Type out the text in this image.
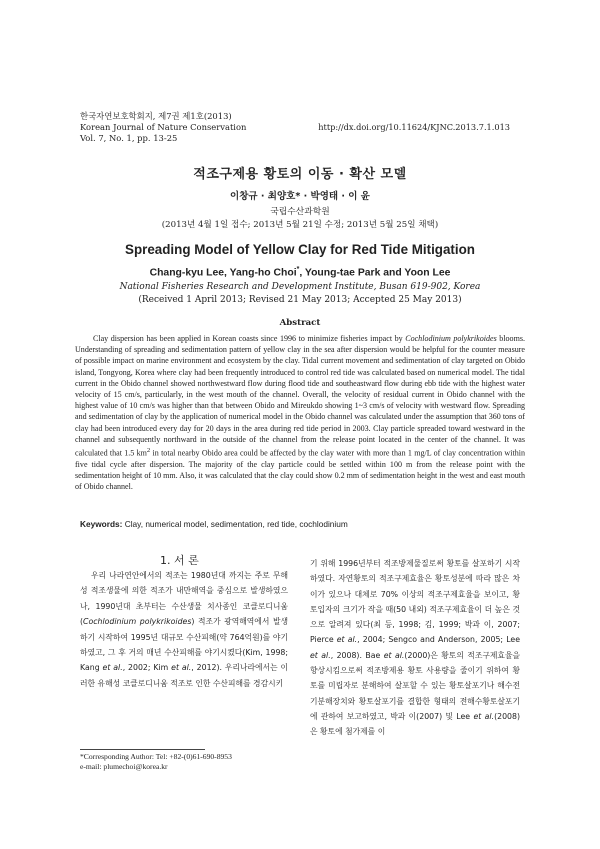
한국자연보호학회지, 제7권 제1호(2013)
Korean Journal of Nature Conservation
Vol. 7, No. 1, pp. 13-25
http://dx.doi.org/10.11624/KJNC.2013.7.1.013
적조구제용 황토의 이동 · 확산 모델
이창규 · 최양호* · 박영태 · 이 윤
국립수산과학원
(2013년 4월 1일 접수; 2013년 5월 21일 수정; 2013년 5월 25일 채택)
Spreading Model of Yellow Clay for Red Tide Mitigation
Chang-kyu Lee, Yang-ho Choi*, Young-tae Park and Yoon Lee
National Fisheries Research and Development Institute, Busan 619-902, Korea
(Received 1 April 2013; Revised 21 May 2013; Accepted 25 May 2013)
Abstract
Clay dispersion has been applied in Korean coasts since 1996 to minimize fisheries impact by Cochlodinium polykrikoides blooms. Understanding of spreading and sedimentation pattern of yellow clay in the sea after dispersion would be helpful for the counter measure of possible impact on marine environment and ecosystem by the clay. Tidal current movement and sedimentation of clay targeted on Obido island, Tongyong, Korea where clay had been frequently introduced to control red tide was calculated based on numerical model. The tidal current in the Obido channel showed northwestward flow during flood tide and southeastward flow during ebb tide with the highest water velocity of 15 cm/s, particularly, in the west mouth of the channel. Overall, the velocity of residual current in Obido channel with the highest value of 10 cm/s was higher than that between Obido and Mireukdo showing 1~3 cm/s of velocity with westward flow. Spreading and sedimentation of clay by the application of numerical model in the Obido channel was calculated under the assumption that 360 tons of clay had been introduced every day for 20 days in the area during red tide period in 2003. Clay particle spreaded toward westward in the channel and subsequently northward in the outside of the channel from the release point located in the center of the channel. It was calculated that 1.5 $km^2$ in total nearby Obido area could be affected by the clay water with more than 1 mg/L of clay concentration within five tidal cycle after dispersion. The majority of the clay particle could be settled within 100 m from the release point with the sedimentation height of 10 mm. Also, it was calculated that the clay could show 0.2 mm of sedimentation height in the west and east mouth of Obido channel.
Keywords: Clay, numerical model, sedimentation, red tide, cochlodinium
1. 서 론

우리 나라연안에서의 적조는 1980년대 까지는 주로 무해성 적조생물에 의한 적조가 내만해역을 중심으로 발생하였으나, 1990년대 초부터는 수산생물 치사종인 코클로디니움(Cochlodinium polykrikoides) 적조가 광역해역에서 발생하기 시작하여 1995년 대규모 수산피해(약 764억원)를 야기하였고, 그 후 거의 매년 수산피해를 야기시켰다(Kim, 1998; Kang et al., 2002; Kim et al., 2012). 우리나라에서는 이러한 유해성 코클로디니움 적조로 인한 수산피해를 경감시키

기 위해 1996년부터 적조방제물질로써 황토를 살포하기 시작하였다. 자연황토의 적조구제효율은 황토성분에 따라 많은 차이가 있으나 대체로 70% 이상의 적조구제효율을 보이고, 황토입자의 크기가 작을 때(50 내외) 적조구제효율이 더 높은 것으로 알려져 있다(최 등, 1998; 김, 1999; 박과 이, 2007; Pierce et al., 2004; Sengco and Anderson, 2005; Lee et al., 2008). Bae et al.(2000)은 황토의 적조구제효율을 향상시킴으로써 적조방제용 황토 사용량을 줄이기 위하여 황토를 미립자로 분해하여 살포할 수 있는 황토살포기나 해수전기분해장치와 황토살포기를 결합한 형태의 전해수황토살포기에 관하여 보고하였고, 박과 이(2007) 및 Lee et al.(2008)은 황토에 첨가제를 이

*Corresponding Author: Tel: +82-(0)61-690-8953
e-mail: plumechoi@korea.kr
